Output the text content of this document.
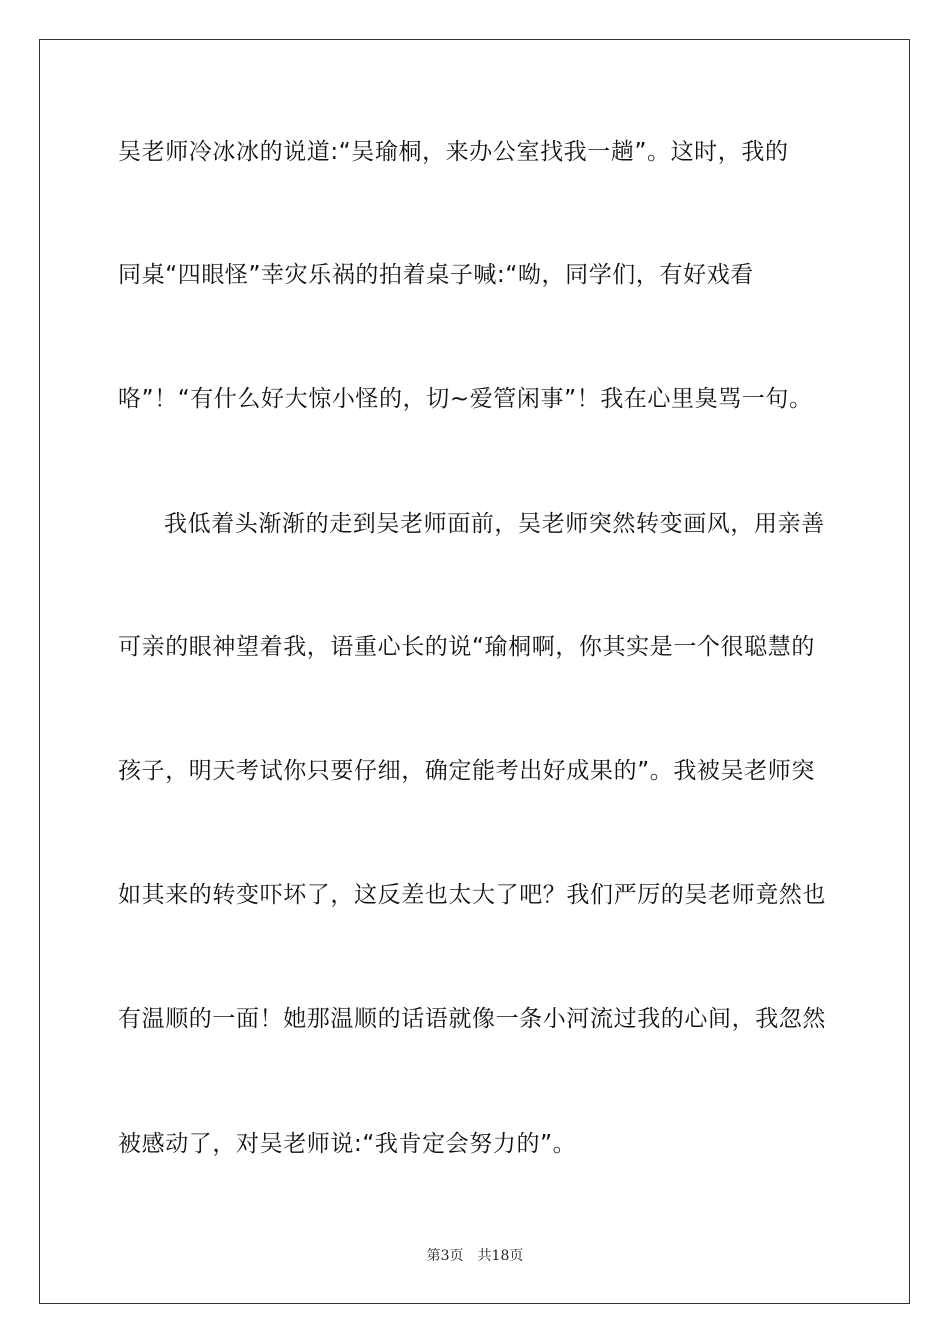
吴老师冷冰冰的说道:“吴瑜桐，来办公室找我一趟”。这时，我的
同桌“四眼怪”幸灾乐祸的拍着桌子喊:“呦，同学们，有好戏看
咯”！“有什么好大惊小怪的，切~爱管闲事”！我在心里臭骂一句。
我低着头渐渐的走到吴老师面前，吴老师突然转变画风，用亲善
可亲的眼神望着我，语重心长的说“瑜桐啊，你其实是一个很聪慧的
孩子，明天考试你只要仔细，确定能考出好成果的”。我被吴老师突
如其来的转变吓坏了，这反差也太大了吧？我们严厉的吴老师竟然也
有温顺的一面！她那温顺的话语就像一条小河流过我的心间，我忽然
被感动了，对吴老师说:“我肯定会努力的”。
第3页 共18页
